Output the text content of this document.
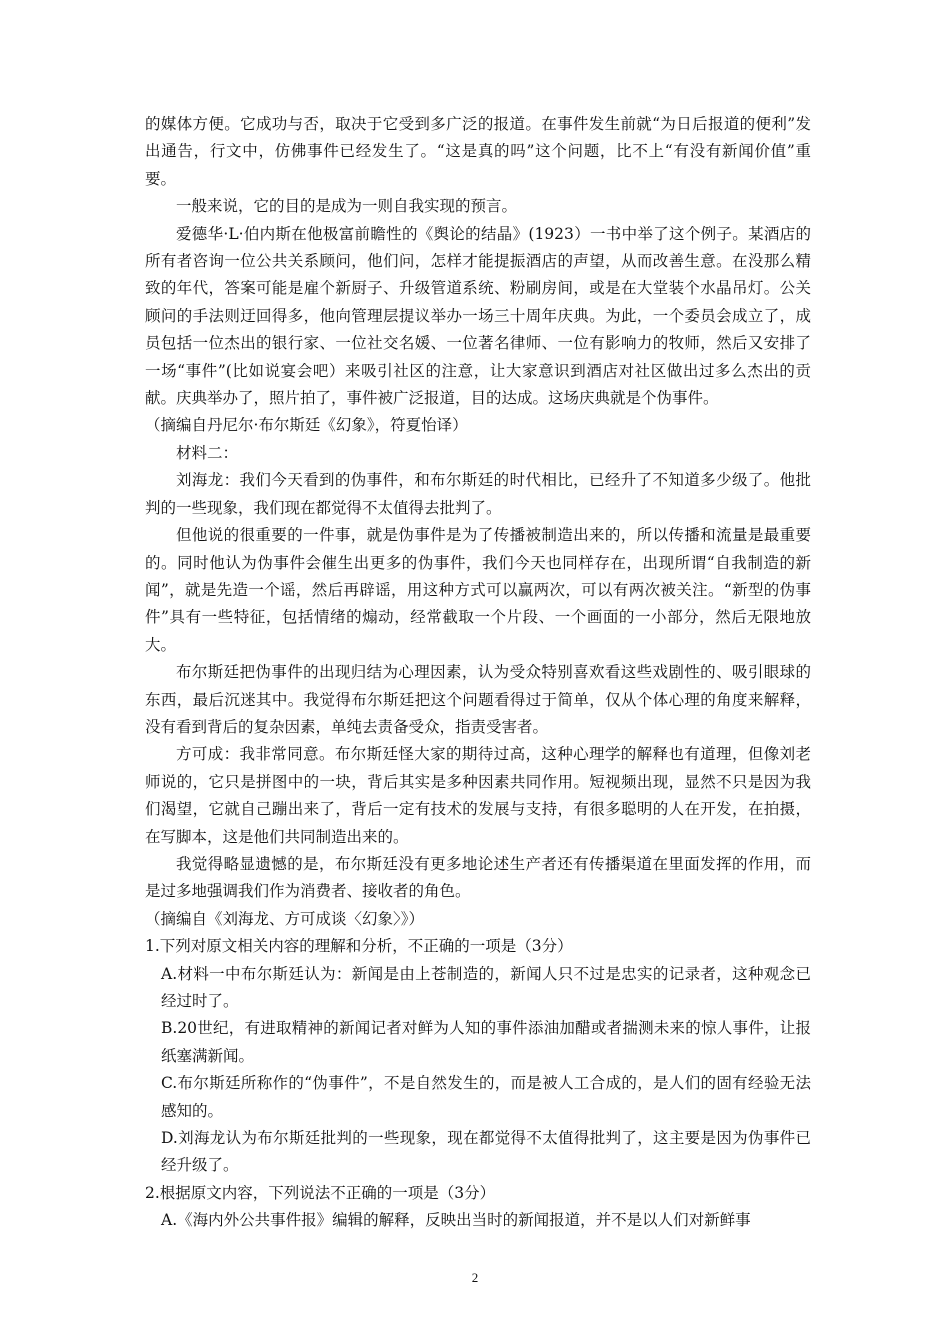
的媒体方便。它成功与否，取决于它受到多广泛的报道。在事件发生前就“为日后报道的便利”发出通告，行文中，仿佛事件已经发生了。“这是真的吗”这个问题，比不上“有没有新闻价值”重要。

一般来说，它的目的是成为一则自我实现的预言。

爱德华·L·伯内斯在他极富前瞻性的《舆论的结晶》(1923）一书中举了这个例子。某酒店的所有者咨询一位公共关系顾问，他们问，怎样才能提振酒店的声望，从而改善生意。在没那么精致的年代，答案可能是雇个新厨子、升级管道系统、粉刷房间，或是在大堂装个水晶吊灯。公关顾问的手法则迂回得多，他向管理层提议举办一场三十周年庆典。为此，一个委员会成立了，成员包括一位杰出的银行家、一位社交名媛、一位著名律师、一位有影响力的牧师，然后又安排了一场“事件”(比如说宴会吧）来吸引社区的注意，让大家意识到酒店对社区做出过多么杰出的贡献。庆典举办了，照片拍了，事件被广泛报道，目的达成。这场庆典就是个伪事件。

（摘编自丹尼尔·布尔斯廷《幻象》，符夏怡译）

材料二：

刘海龙：我们今天看到的伪事件，和布尔斯廷的时代相比，已经升了不知道多少级了。他批判的一些现象，我们现在都觉得不太值得去批判了。

但他说的很重要的一件事，就是伪事件是为了传播被制造出来的，所以传播和流量是最重要的。同时他认为伪事件会催生出更多的伪事件，我们今天也同样存在，出现所谓“自我制造的新闻”，就是先造一个谣，然后再辟谣，用这种方式可以赢两次，可以有两次被关注。“新型的伪事件”具有一些特征，包括情绪的煽动，经常截取一个片段、一个画面的一小部分，然后无限地放大。

布尔斯廷把伪事件的出现归结为心理因素，认为受众特别喜欢看这些戏剧性的、吸引眼球的东西，最后沉迷其中。我觉得布尔斯廷把这个问题看得过于简单，仅从个体心理的角度来解释，没有看到背后的复杂因素，单纯去责备受众，指责受害者。

方可成：我非常同意。布尔斯廷怪大家的期待过高，这种心理学的解释也有道理，但像刘老师说的，它只是拼图中的一块，背后其实是多种因素共同作用。短视频出现，显然不只是因为我们渴望，它就自己蹦出来了，背后一定有技术的发展与支持，有很多聪明的人在开发，在拍摄，在写脚本，这是他们共同制造出来的。

我觉得略显遗憾的是，布尔斯廷没有更多地论述生产者还有传播渠道在里面发挥的作用，而是过多地强调我们作为消费者、接收者的角色。

（摘编自《刘海龙、方可成谈〈幻象〉》）

1.下列对原文相关内容的理解和分析，不正确的一项是（3分）

A.材料一中布尔斯廷认为：新闻是由上苍制造的，新闻人只不过是忠实的记录者，这种观念已经过时了。

B.20世纪，有进取精神的新闻记者对鲜为人知的事件添油加醋或者揣测未来的惊人事件，让报纸塞满新闻。

C.布尔斯廷所称作的“伪事件”，不是自然发生的，而是被人工合成的，是人们的固有经验无法感知的。

D.刘海龙认为布尔斯廷批判的一些现象，现在都觉得不太值得批判了，这主要是因为伪事件已经升级了。

2.根据原文内容，下列说法不正确的一项是（3分）

A.《海内外公共事件报》编辑的解释，反映出当时的新闻报道，并不是以人们对新鲜事

2
